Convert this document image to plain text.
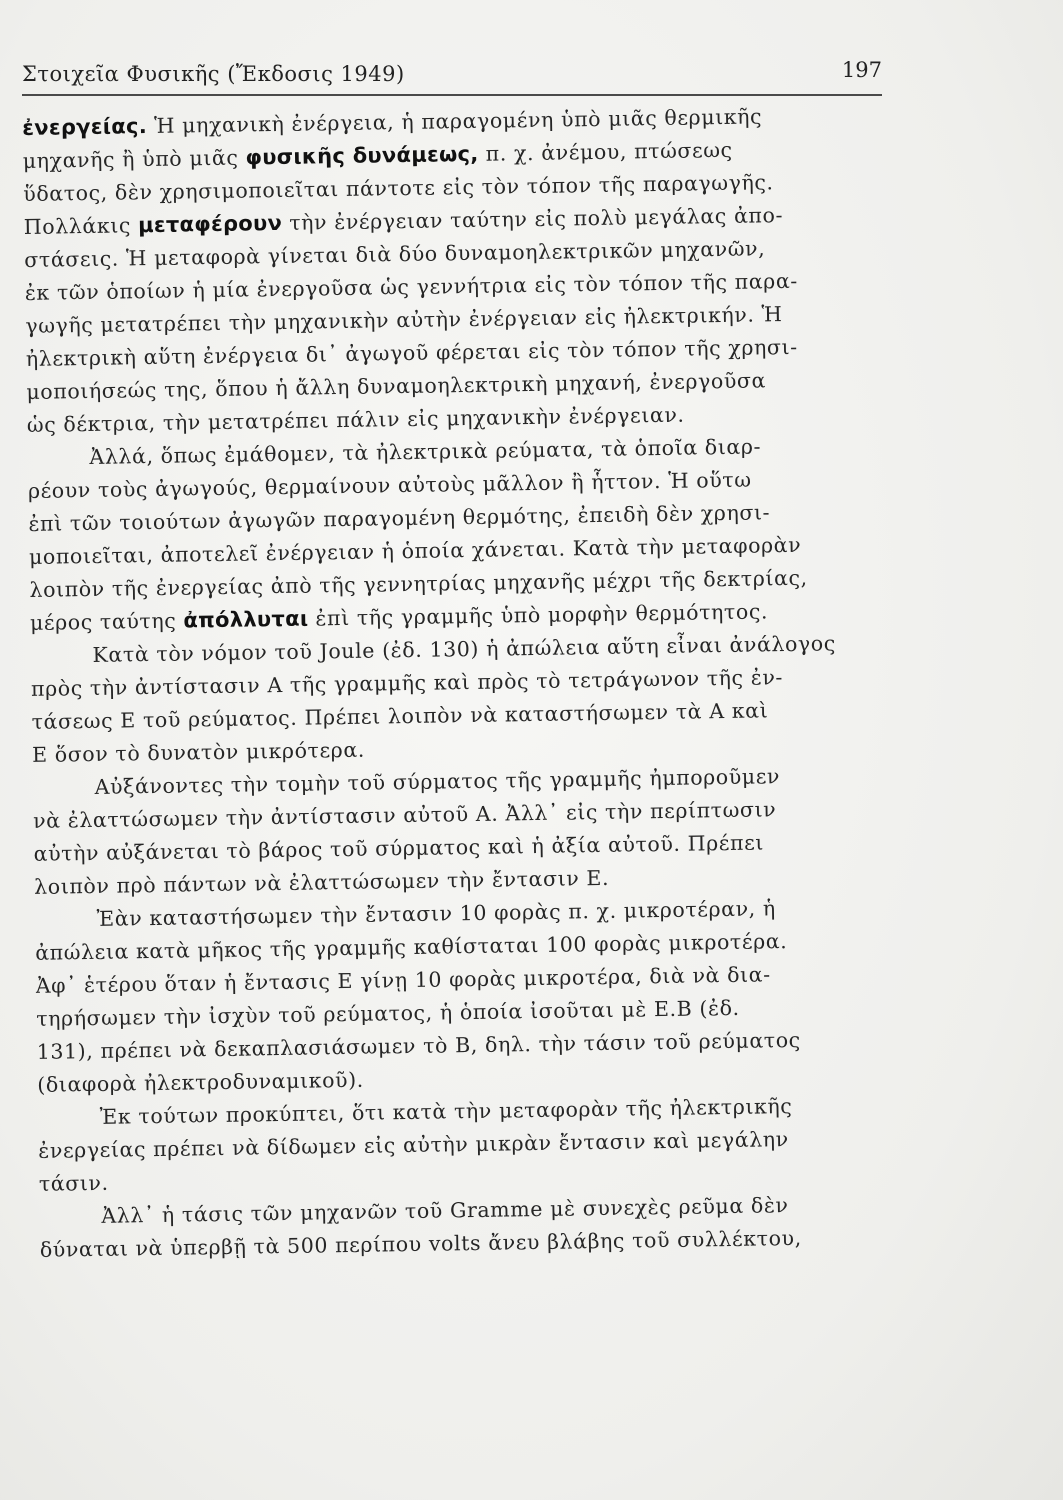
Στοιχεῖα Φυσικῆς (Ἔκδοσις 1949)	197
ἐνεργείας. Ἡ μηχανικὴ ἐνέργεια, ἡ παραγομένη ὑπὸ μιᾶς θερμικῆς
μηχανῆς ἢ ὑπὸ μιᾶς φυσικῆς δυνάμεως, π. χ. ἀνέμου, πτώσεως
ὕδατος, δὲν χρησιμοποιεῖται πάντοτε εἰς τὸν τόπον τῆς παραγωγῆς.
Πολλάκις μεταφέρουν τὴν ἐνέργειαν ταύτην εἰς πολὺ μεγάλας ἀπο-
στάσεις. Ἡ μεταφορὰ γίνεται διὰ δύο δυναμοηλεκτρικῶν μηχανῶν,
ἐκ τῶν ὁποίων ἡ μία ἐνεργοῦσα ὡς γεννήτρια εἰς τὸν τόπον τῆς παρα-
γωγῆς μετατρέπει τὴν μηχανικὴν αὐτὴν ἐνέργειαν εἰς ἠλεκτρικήν. Ἡ
ἠλεκτρικὴ αὕτη ἐνέργεια δι᾽ ἀγωγοῦ φέρεται εἰς τὸν τόπον τῆς χρησι-
μοποιήσεώς της, ὅπου ἡ ἄλλη δυναμοηλεκτρικὴ μηχανή, ἐνεργοῦσα
ὡς δέκτρια, τὴν μετατρέπει πάλιν εἰς μηχανικὴν ἐνέργειαν.
Ἀλλά, ὅπως ἐμάθομεν, τὰ ἠλεκτρικὰ ρεύματα, τὰ ὁποῖα διαρ-
ρέουν τοὺς ἀγωγούς, θερμαίνουν αὐτοὺς μᾶλλον ἢ ἧττον. Ἡ οὕτω
ἐπὶ τῶν τοιούτων ἀγωγῶν παραγομένη θερμότης, ἐπειδὴ δὲν χρησι-
μοποιεῖται, ἀποτελεῖ ἐνέργειαν ἡ ὁποία χάνεται. Κατὰ τὴν μεταφορὰν
λοιπὸν τῆς ἐνεργείας ἀπὸ τῆς γεννητρίας μηχανῆς μέχρι τῆς δεκτρίας,
μέρος ταύτης ἀπόλλυται ἐπὶ τῆς γραμμῆς ὑπὸ μορφὴν θερμότητος.
Κατὰ τὸν νόμον τοῦ Joule (ἐδ. 130) ἡ ἀπώλεια αὕτη εἶναι ἀνάλογος
πρὸς τὴν ἀντίστασιν A τῆς γραμμῆς καὶ πρὸς τὸ τετράγωνον τῆς ἐν-
τάσεως E τοῦ ρεύματος. Πρέπει λοιπὸν νὰ καταστήσωμεν τὰ A καὶ
E ὅσον τὸ δυνατὸν μικρότερα.
Αὐξάνοντες τὴν τομὴν τοῦ σύρματος τῆς γραμμῆς ἠμποροῦμεν
νὰ ἐλαττώσωμεν τὴν ἀντίστασιν αὐτοῦ A. Ἀλλ᾽ εἰς τὴν περίπτωσιν
αὐτὴν αὐξάνεται τὸ βάρος τοῦ σύρματος καὶ ἡ ἀξία αὐτοῦ. Πρέπει
λοιπὸν πρὸ πάντων νὰ ἐλαττώσωμεν τὴν ἔντασιν E.
Ἐὰν καταστήσωμεν τὴν ἔντασιν 10 φορὰς π. χ. μικροτέραν, ἡ
ἀπώλεια κατὰ μῆκος τῆς γραμμῆς καθίσταται 100 φορὰς μικροτέρα.
Ἀφ᾽ ἑτέρου ὅταν ἡ ἔντασις E γίνῃ 10 φορὰς μικροτέρα, διὰ νὰ δια-
τηρήσωμεν τὴν ἰσχὺν τοῦ ρεύματος, ἡ ὁποία ἰσοῦται μὲ E.B (ἐδ.
131), πρέπει νὰ δεκαπλασιάσωμεν τὸ B, δηλ. τὴν τάσιν τοῦ ρεύματος
(διαφορὰ ἠλεκτροδυναμικοῦ).
Ἐκ τούτων προκύπτει, ὅτι κατὰ τὴν μεταφορὰν τῆς ἠλεκτρικῆς
ἐνεργείας πρέπει νὰ δίδωμεν εἰς αὐτὴν μικρὰν ἔντασιν καὶ μεγάλην
τάσιν.
Ἀλλ᾽ ἡ τάσις τῶν μηχανῶν τοῦ Gramme μὲ συνεχὲς ρεῦμα δὲν
δύναται νὰ ὑπερβῇ τὰ 500 περίπου volts ἄνευ βλάβης τοῦ συλλέκτου,
